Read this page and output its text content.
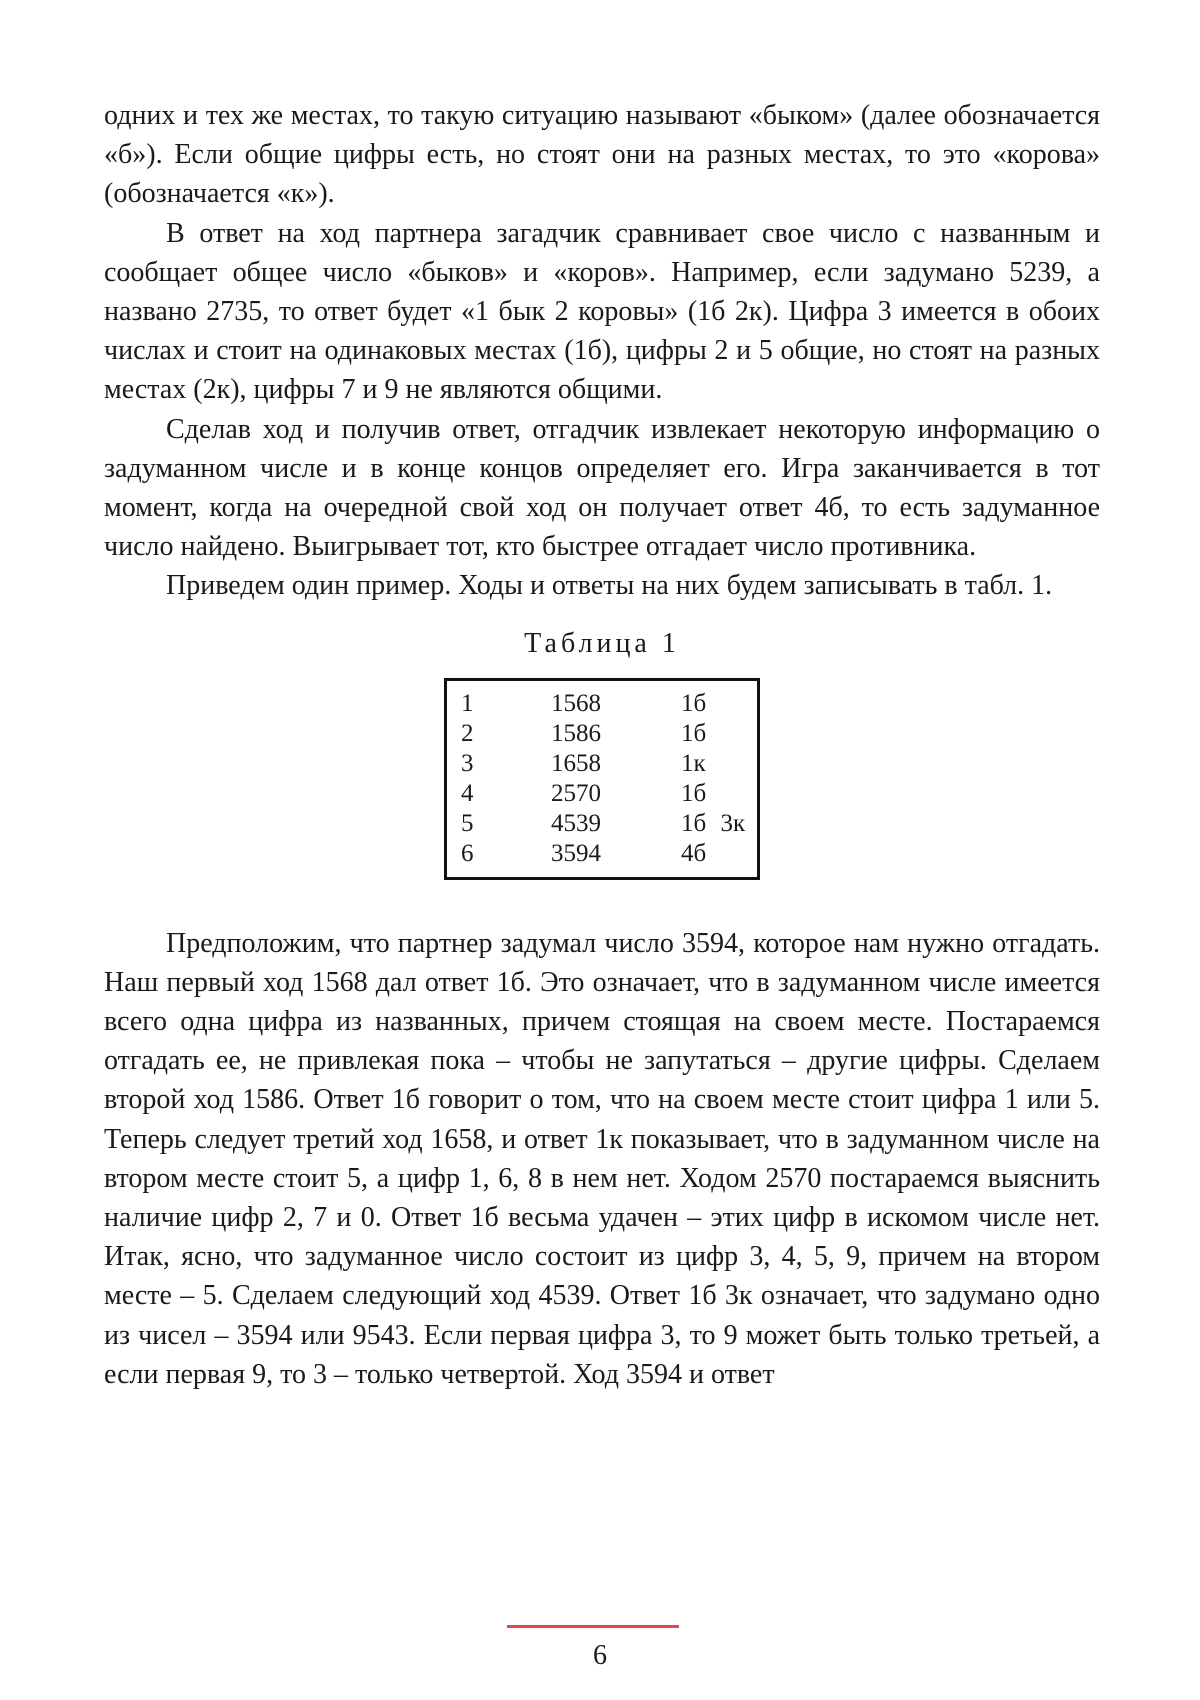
одних и тех же местах, то такую ситуацию называют «быком» (далее обозначается «б»). Если общие цифры есть, но стоят они на разных местах, то это «корова» (обозначается «к»).

В ответ на ход партнера загадчик сравнивает свое число с названным и сообщает общее число «быков» и «коров». Например, если задумано 5239, а названо 2735, то ответ будет «1 бык 2 коровы» (1б 2к). Цифра 3 имеется в обоих числах и стоит на одинаковых местах (1б), цифры 2 и 5 общие, но стоят на разных местах (2к), цифры 7 и 9 не являются общими.

Сделав ход и получив ответ, отгадчик извлекает некоторую информацию о задуманном числе и в конце концов определяет его. Игра заканчивается в тот момент, когда на очередной свой ход он получает ответ 4б, то есть задуманное число найдено. Выигрывает тот, кто быстрее отгадает число противника.

Приведем один пример. Ходы и ответы на них будем записывать в табл. 1.

Таблица 1
1	1568	1б
2	1586	1б
3	1658	1к
4	2570	1б
5	4539	1б 3к
6	3594	4б

Предположим, что партнер задумал число 3594, которое нам нужно отгадать. Наш первый ход 1568 дал ответ 1б. Это означает, что в задуманном числе имеется всего одна цифра из названных, причем стоящая на своем месте. Постараемся отгадать ее, не привлекая пока – чтобы не запутаться – другие цифры. Сделаем второй ход 1586. Ответ 1б говорит о том, что на своем месте стоит цифра 1 или 5. Теперь следует третий ход 1658, и ответ 1к показывает, что в задуманном числе на втором месте стоит 5, а цифр 1, 6, 8 в нем нет. Ходом 2570 постараемся выяснить наличие цифр 2, 7 и 0. Ответ 1б весьма удачен – этих цифр в искомом числе нет. Итак, ясно, что задуманное число состоит из цифр 3, 4, 5, 9, причем на втором месте – 5. Сделаем следующий ход 4539. Ответ 1б 3к означает, что задумано одно из чисел – 3594 или 9543. Если первая цифра 3, то 9 может быть только третьей, а если первая 9, то 3 – только четвертой. Ход 3594 и ответ

6
